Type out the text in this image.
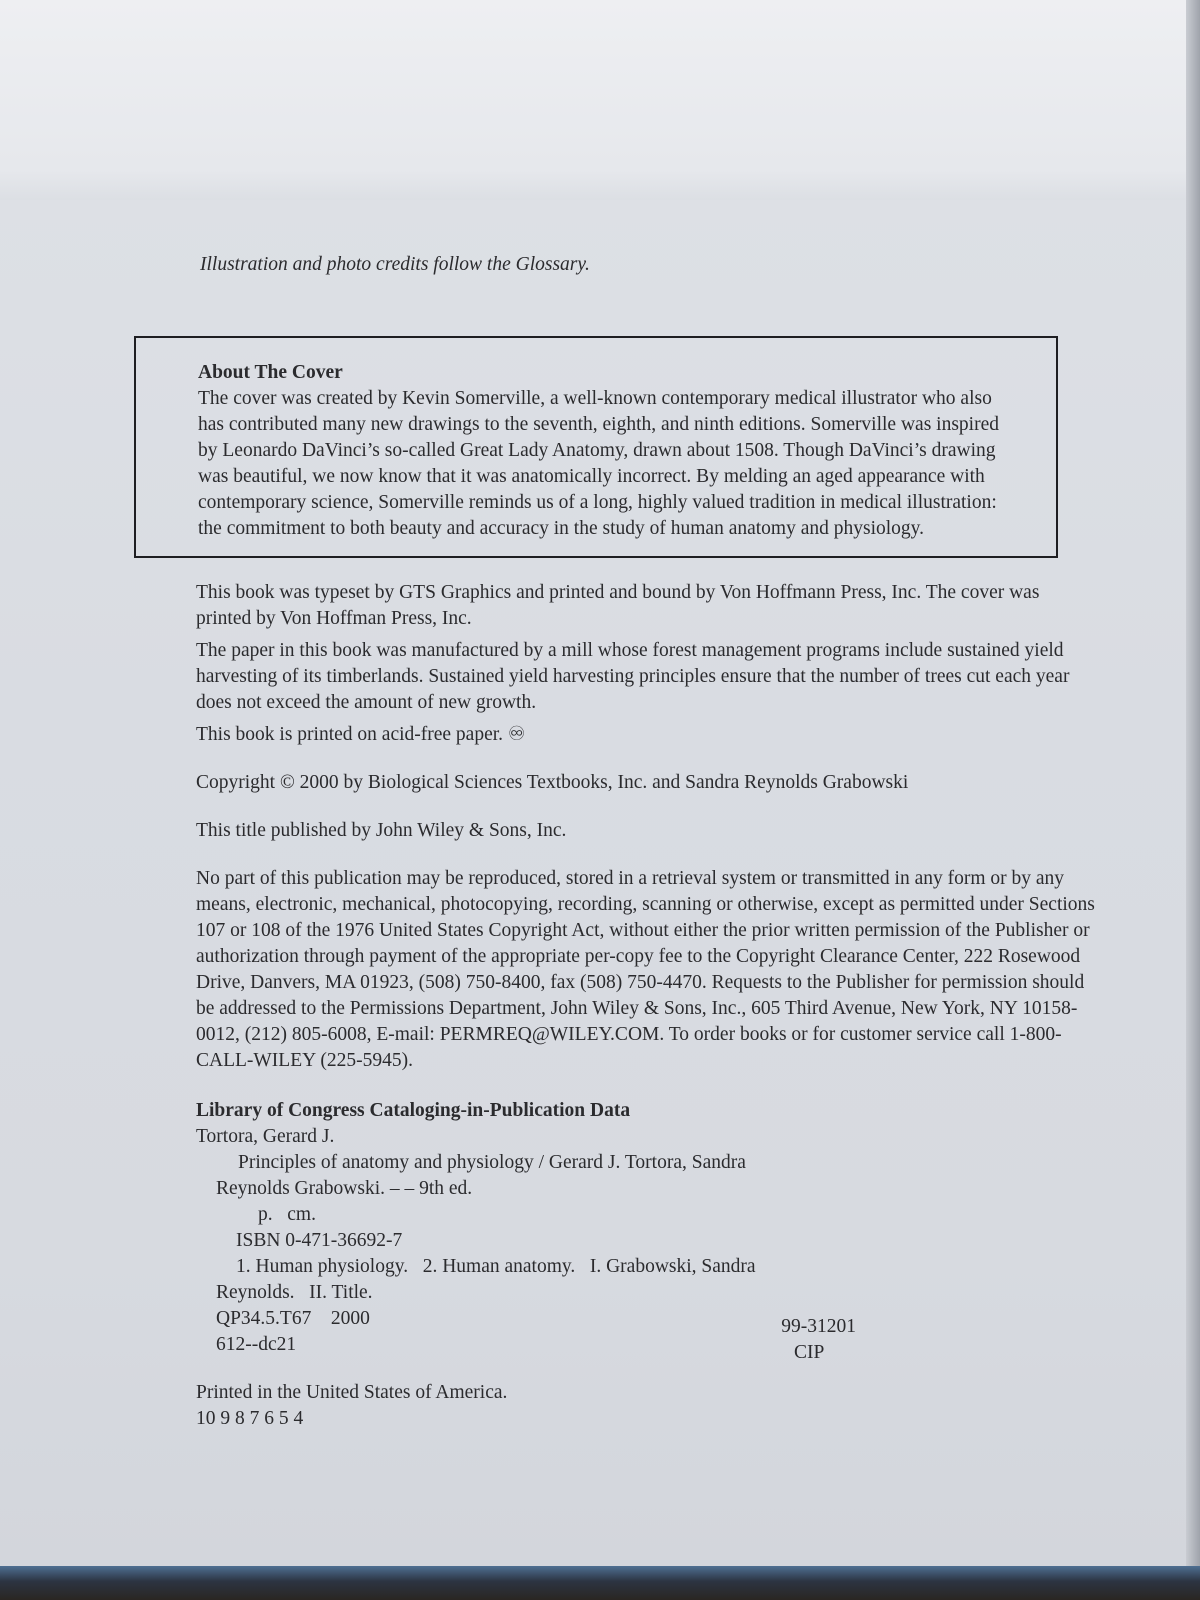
Illustration and photo credits follow the Glossary.

About The Cover

The cover was created by Kevin Somerville, a well-known contemporary medical illustrator who also has contributed many new drawings to the seventh, eighth, and ninth editions. Somerville was inspired by Leonardo DaVinci’s so-called Great Lady Anatomy, drawn about 1508. Though DaVinci’s drawing was beautiful, we now know that it was anatomically incorrect. By melding an aged appearance with contemporary science, Somerville reminds us of a long, highly valued tradition in medical illustration: the commitment to both beauty and accuracy in the study of human anatomy and physiology.

This book was typeset by GTS Graphics and printed and bound by Von Hoffmann Press, Inc. The cover was printed by Von Hoffman Press, Inc.

The paper in this book was manufactured by a mill whose forest management programs include sustained yield harvesting of its timberlands. Sustained yield harvesting principles ensure that the number of trees cut each year does not exceed the amount of new growth.

This book is printed on acid-free paper. ♾

Copyright © 2000 by Biological Sciences Textbooks, Inc. and Sandra Reynolds Grabowski

This title published by John Wiley & Sons, Inc.

No part of this publication may be reproduced, stored in a retrieval system or transmitted in any form or by any means, electronic, mechanical, photocopying, recording, scanning or otherwise, except as permitted under Sections 107 or 108 of the 1976 United States Copyright Act, without either the prior written permission of the Publisher or authorization through payment of the appropriate per-copy fee to the Copyright Clearance Center, 222 Rosewood Drive, Danvers, MA 01923, (508) 750-8400, fax (508) 750-4470. Requests to the Publisher for permission should be addressed to the Permissions Department, John Wiley & Sons, Inc., 605 Third Avenue, New York, NY 10158-0012, (212) 805-6008, E-mail: PERMREQ@WILEY.COM. To order books or for customer service call 1-800-CALL-WILEY (225-5945).

Library of Congress Cataloging-in-Publication Data

Tortora, Gerard J.

Principles of anatomy and physiology / Gerard J. Tortora, Sandra

Reynolds Grabowski. – – 9th ed.

p.   cm.

ISBN 0-471-36692-7

1. Human physiology.   2. Human anatomy.   I. Grabowski, Sandra

Reynolds.   II. Title.

QP34.5.T67    2000	99-31201
612--dc21	CIP

Printed in the United States of America.

10 9 8 7 6 5 4
